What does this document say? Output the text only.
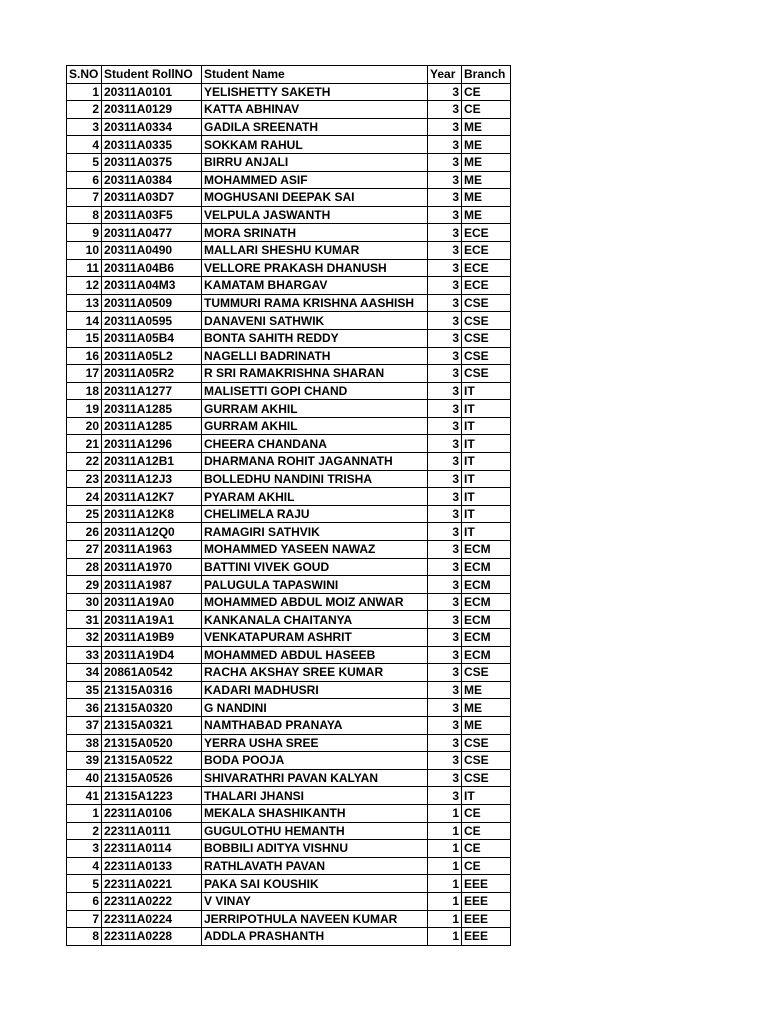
S.NO	Student RollNO	Student Name	Year	Branch
1	20311A0101	YELISHETTY SAKETH	3	CE
2	20311A0129	KATTA ABHINAV	3	CE
3	20311A0334	GADILA SREENATH	3	ME
4	20311A0335	SOKKAM RAHUL	3	ME
5	20311A0375	BIRRU ANJALI	3	ME
6	20311A0384	MOHAMMED ASIF	3	ME
7	20311A03D7	MOGHUSANI DEEPAK SAI	3	ME
8	20311A03F5	VELPULA JASWANTH	3	ME
9	20311A0477	MORA SRINATH	3	ECE
10	20311A0490	MALLARI SHESHU KUMAR	3	ECE
11	20311A04B6	VELLORE PRAKASH DHANUSH	3	ECE
12	20311A04M3	KAMATAM BHARGAV	3	ECE
13	20311A0509	TUMMURI RAMA KRISHNA AASHISH	3	CSE
14	20311A0595	DANAVENI SATHWIK	3	CSE
15	20311A05B4	BONTA SAHITH REDDY	3	CSE
16	20311A05L2	NAGELLI BADRINATH	3	CSE
17	20311A05R2	R SRI RAMAKRISHNA SHARAN	3	CSE
18	20311A1277	MALISETTI GOPI CHAND	3	IT
19	20311A1285	GURRAM AKHIL	3	IT
20	20311A1285	GURRAM AKHIL	3	IT
21	20311A1296	CHEERA CHANDANA	3	IT
22	20311A12B1	DHARMANA ROHIT JAGANNATH	3	IT
23	20311A12J3	BOLLEDHU NANDINI TRISHA	3	IT
24	20311A12K7	PYARAM AKHIL	3	IT
25	20311A12K8	CHELIMELA RAJU	3	IT
26	20311A12Q0	RAMAGIRI SATHVIK	3	IT
27	20311A1963	MOHAMMED YASEEN NAWAZ	3	ECM
28	20311A1970	BATTINI VIVEK GOUD	3	ECM
29	20311A1987	PALUGULA TAPASWINI	3	ECM
30	20311A19A0	MOHAMMED ABDUL MOIZ ANWAR	3	ECM
31	20311A19A1	KANKANALA CHAITANYA	3	ECM
32	20311A19B9	VENKATAPURAM ASHRIT	3	ECM
33	20311A19D4	MOHAMMED ABDUL HASEEB	3	ECM
34	20861A0542	RACHA AKSHAY SREE KUMAR	3	CSE
35	21315A0316	KADARI MADHUSRI	3	ME
36	21315A0320	G NANDINI	3	ME
37	21315A0321	NAMTHABAD PRANAYA	3	ME
38	21315A0520	YERRA USHA SREE	3	CSE
39	21315A0522	BODA POOJA	3	CSE
40	21315A0526	SHIVARATHRI PAVAN KALYAN	3	CSE
41	21315A1223	THALARI JHANSI	3	IT
1	22311A0106	MEKALA SHASHIKANTH	1	CE
2	22311A0111	GUGULOTHU HEMANTH	1	CE
3	22311A0114	BOBBILI ADITYA VISHNU	1	CE
4	22311A0133	RATHLAVATH PAVAN	1	CE
5	22311A0221	PAKA SAI KOUSHIK	1	EEE
6	22311A0222	V VINAY	1	EEE
7	22311A0224	JERRIPOTHULA NAVEEN KUMAR	1	EEE
8	22311A0228	ADDLA PRASHANTH	1	EEE
